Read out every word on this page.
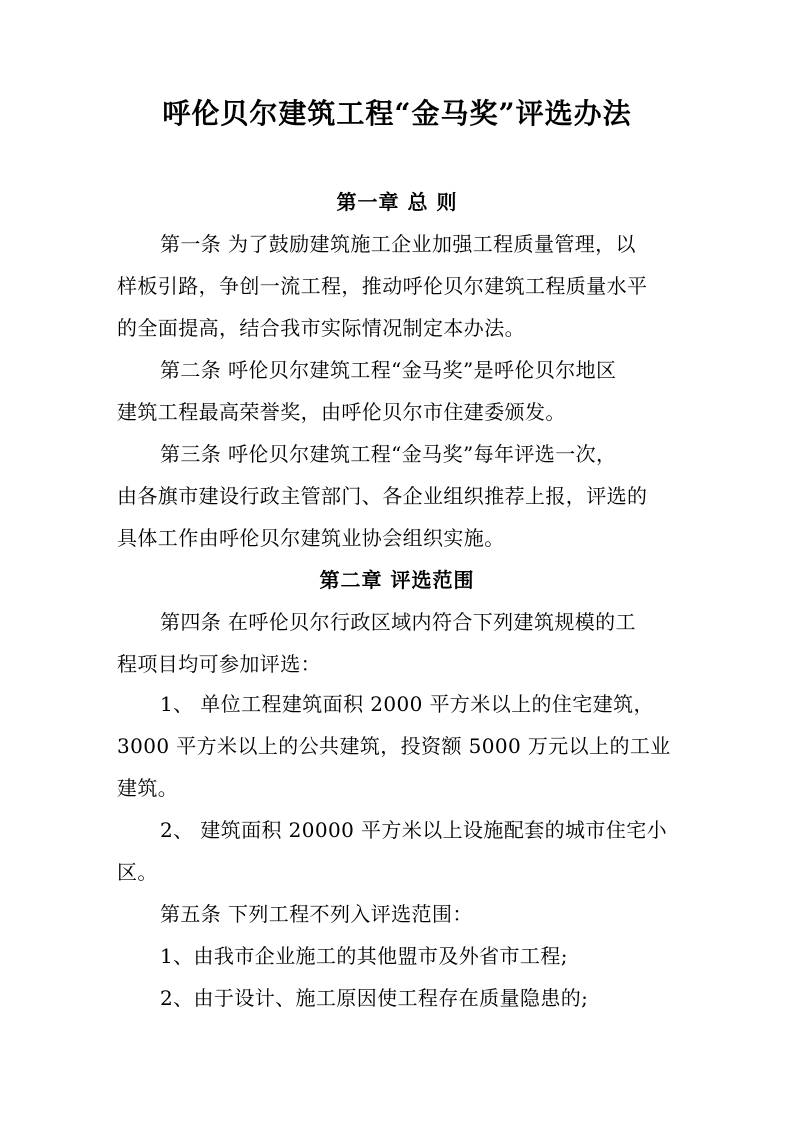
呼伦贝尔建筑工程“金马奖”评选办法
第一章 总 则
第一条 为了鼓励建筑施工企业加强工程质量管理，以
样板引路，争创一流工程，推动呼伦贝尔建筑工程质量水平
的全面提高，结合我市实际情况制定本办法。
第二条 呼伦贝尔建筑工程“金马奖”是呼伦贝尔地区
建筑工程最高荣誉奖，由呼伦贝尔市住建委颁发。
第三条 呼伦贝尔建筑工程“金马奖”每年评选一次，
由各旗市建设行政主管部门、各企业组织推荐上报，评选的
具体工作由呼伦贝尔建筑业协会组织实施。
第二章 评选范围
第四条 在呼伦贝尔行政区域内符合下列建筑规模的工
程项目均可参加评选：
1、 单位工程建筑面积 2000 平方米以上的住宅建筑，
3000 平方米以上的公共建筑，投资额 5000 万元以上的工业
建筑。
2、 建筑面积 20000 平方米以上设施配套的城市住宅小
区。
第五条 下列工程不列入评选范围：
1、由我市企业施工的其他盟市及外省市工程;
2、由于设计、施工原因使工程存在质量隐患的;
